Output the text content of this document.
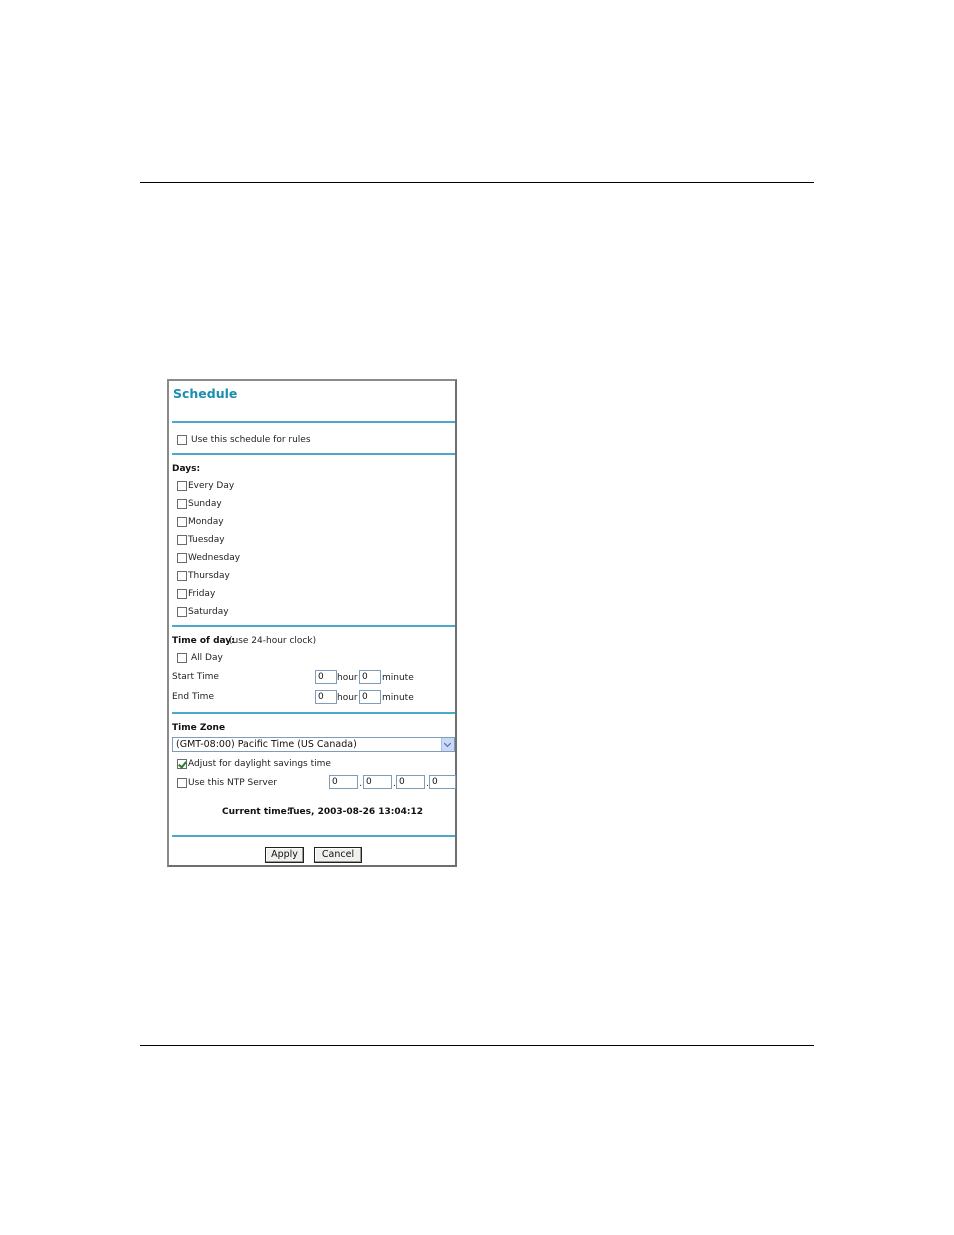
Schedule
Use this schedule for rules
Days:
Every Day
Sunday
Monday
Tuesday
Wednesday
Thursday
Friday
Saturday
Time of day:
(use 24-hour clock)
All Day
Start Time	0	hour 0	minute
End Time	0	hour 0	minute
Time Zone
(GMT-08:00) Pacific Time (US Canada)
Adjust for daylight savings time
Use this NTP Server	0	. 0	. 0	. 0
Current time:
Tues, 2003-08-26 13:04:12
Apply	Cancel
